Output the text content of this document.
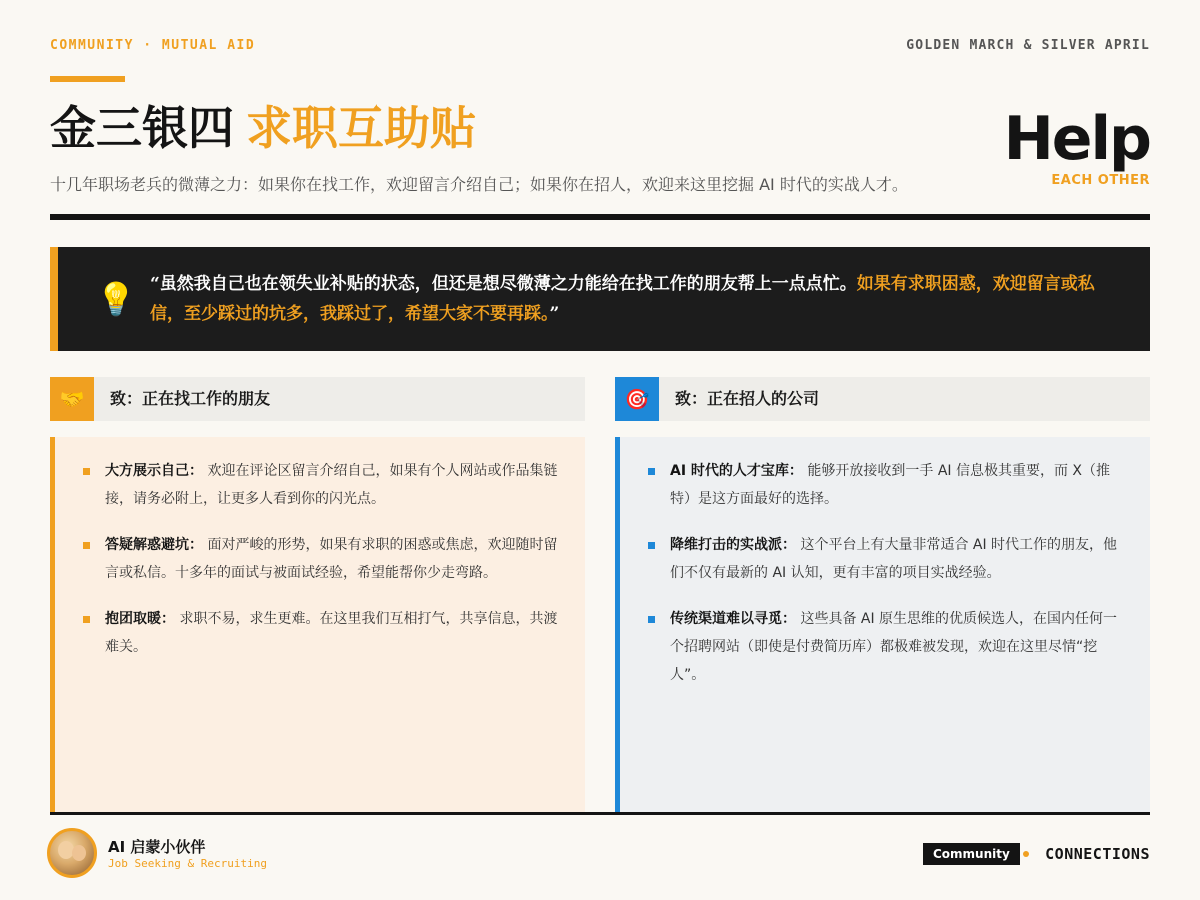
COMMUNITY · MUTUAL AID	GOLDEN MARCH & SILVER APRIL
金三银四 求职互助贴
十几年职场老兵的微薄之力：如果你在找工作，欢迎留言介绍自己；如果你在招人，欢迎来这里挖掘 AI 时代的实战人才。
Help
EACH OTHER
💡 “虽然我自己也在领失业补贴的状态，但还是想尽微薄之力能给在找工作的朋友帮上一点点忙。如果有求职困惑，欢迎留言或私信，至少踩过的坑多，我踩过了，希望大家不要再踩。”
🤝	致：正在找工作的朋友	🎯	致：正在招人的公司
大方展示自己： 欢迎在评论区留言介绍自己，如果有个人网站或作品集链接，请务必附上，让更多人看到你的闪光点。
答疑解惑避坑： 面对严峻的形势，如果有求职的困惑或焦虑，欢迎随时留言或私信。十多年的面试与被面试经验，希望能帮你少走弯路。
抱团取暖： 求职不易，求生更难。在这里我们互相打气，共享信息，共渡难关。
AI 时代的人才宝库： 能够开放接收到一手 AI 信息极其重要，而 X（推特）是这方面最好的选择。
降维打击的实战派： 这个平台上有大量非常适合 AI 时代工作的朋友，他们不仅有最新的 AI 认知，更有丰富的项目实战经验。
传统渠道难以寻觅： 这些具备 AI 原生思维的优质候选人，在国内任何一个招聘网站（即使是付费简历库）都极难被发现，欢迎在这里尽情“挖人”。
AI 启蒙小伙伴
Job Seeking & Recruiting
Community	CONNECTIONS
